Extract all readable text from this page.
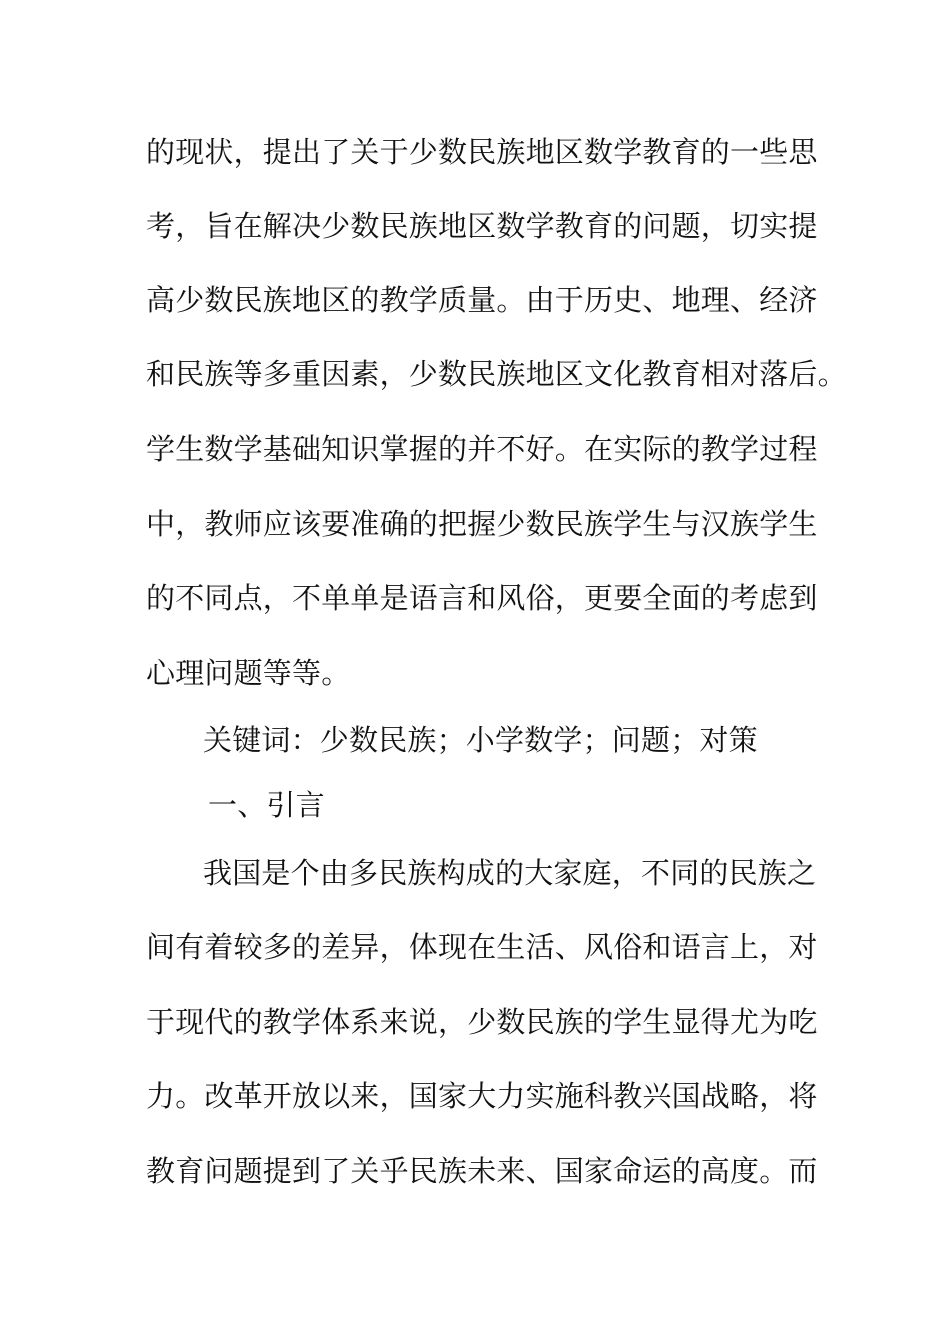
的现状，提出了关于少数民族地区数学教育的一些思
考，旨在解决少数民族地区数学教育的问题，切实提
高少数民族地区的教学质量。由于历史、地理、经济
和民族等多重因素，少数民族地区文化教育相对落后。
学生数学基础知识掌握的并不好。在实际的教学过程
中，教师应该要准确的把握少数民族学生与汉族学生
的不同点，不单单是语言和风俗，更要全面的考虑到
心理问题等等。
关键词：少数民族；小学数学；问题；对策
一、引言
我国是个由多民族构成的大家庭，不同的民族之
间有着较多的差异，体现在生活、风俗和语言上，对
于现代的教学体系来说，少数民族的学生显得尤为吃
力。改革开放以来，国家大力实施科教兴国战略，将
教育问题提到了关乎民族未来、国家命运的高度。而
